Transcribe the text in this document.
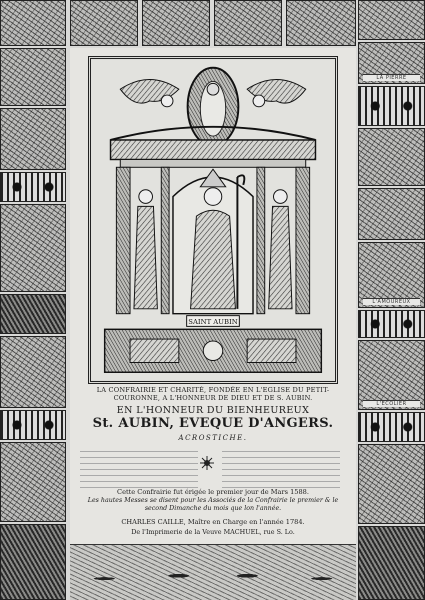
LA PIERRE
L'AMOUREUX
L'ECOLIER
SAINT AUBIN
LA CONFRAIRIE ET CHARITÉ, FONDÉE EN L'EGLISE DU PETIT-COURONNE, A L'HONNEUR DE DIEU ET DE S. AUBIN.
EN L'HONNEUR DU BIENHEUREUX
St. AUBIN, EVEQUE D'ANGERS.
ACROSTICHE.
Cette Confrairie fut érigée le premier jour de Mars 1588.
Les hautes Messes se disent pour les Associés de la Confrairie le premier & le second Dimanche du mois que lon l'année.
CHARLES CAILLE, Maître en Charge en l'année 1784.
De l'Imprimerie de la Veuve MACHUEL, rue S. Lo.
